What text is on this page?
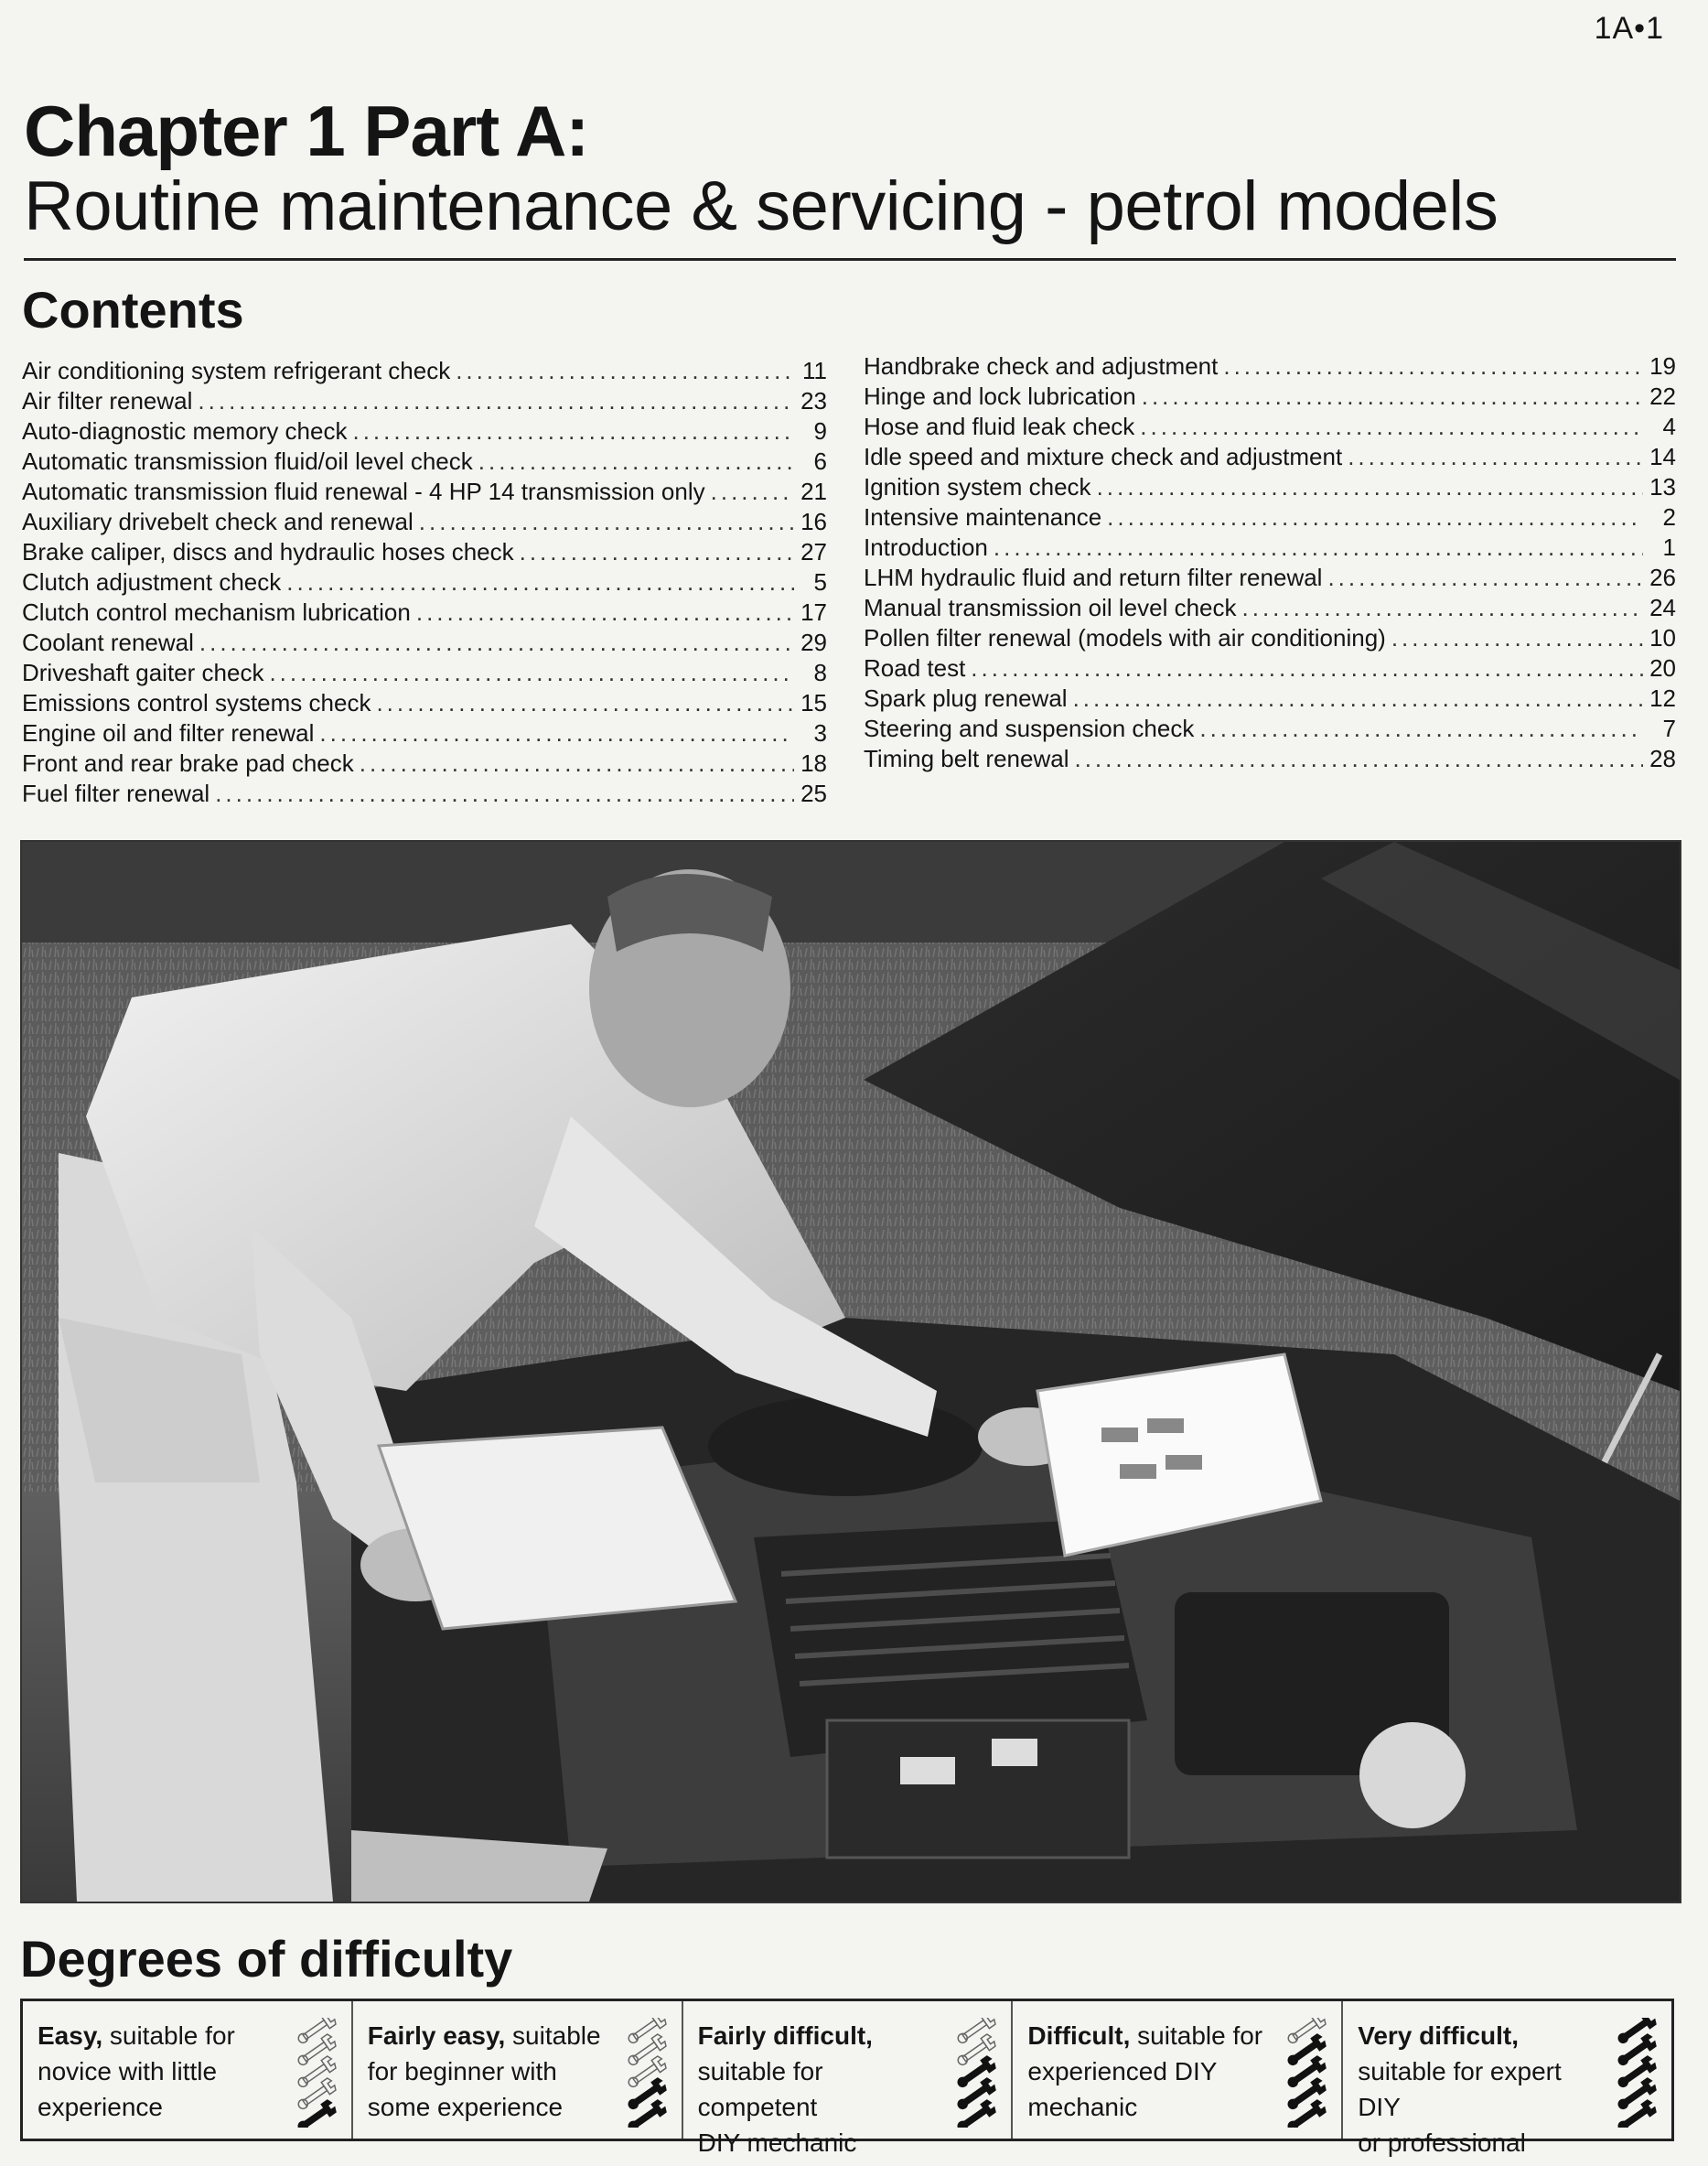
1A•1
Chapter 1 Part A:
Routine maintenance & servicing - petrol models
Contents
Air conditioning system refrigerant check .....	11
Air filter renewal .....	23
Auto-diagnostic memory check .....	9
Automatic transmission fluid/oil level check .....	6
Automatic transmission fluid renewal - 4 HP 14 transmission only .....	21
Auxiliary drivebelt check and renewal .....	16
Brake caliper, discs and hydraulic hoses check .....	27
Clutch adjustment check .....	5
Clutch control mechanism lubrication .....	17
Coolant renewal .....	29
Driveshaft gaiter check .....	8
Emissions control systems check .....	15
Engine oil and filter renewal .....	3
Front and rear brake pad check .....	18
Fuel filter renewal .....	25
Handbrake check and adjustment .....	19
Hinge and lock lubrication .....	22
Hose and fluid leak check .....	4
Idle speed and mixture check and adjustment .....	14
Ignition system check .....	13
Intensive maintenance .....	2
Introduction .....	1
LHM hydraulic fluid and return filter renewal .....	26
Manual transmission oil level check .....	24
Pollen filter renewal (models with air conditioning) .....	10
Road test .....	20
Spark plug renewal .....	12
Steering and suspension check .....	7
Timing belt renewal .....	28
Degrees of difficulty
Easy, suitable for
novice with little
experience
Fairly easy, suitable
for beginner with
some experience
Fairly difficult,
suitable for competent
DIY mechanic
Difficult, suitable for
experienced DIY
mechanic
Very difficult,
suitable for expert DIY
or professional
